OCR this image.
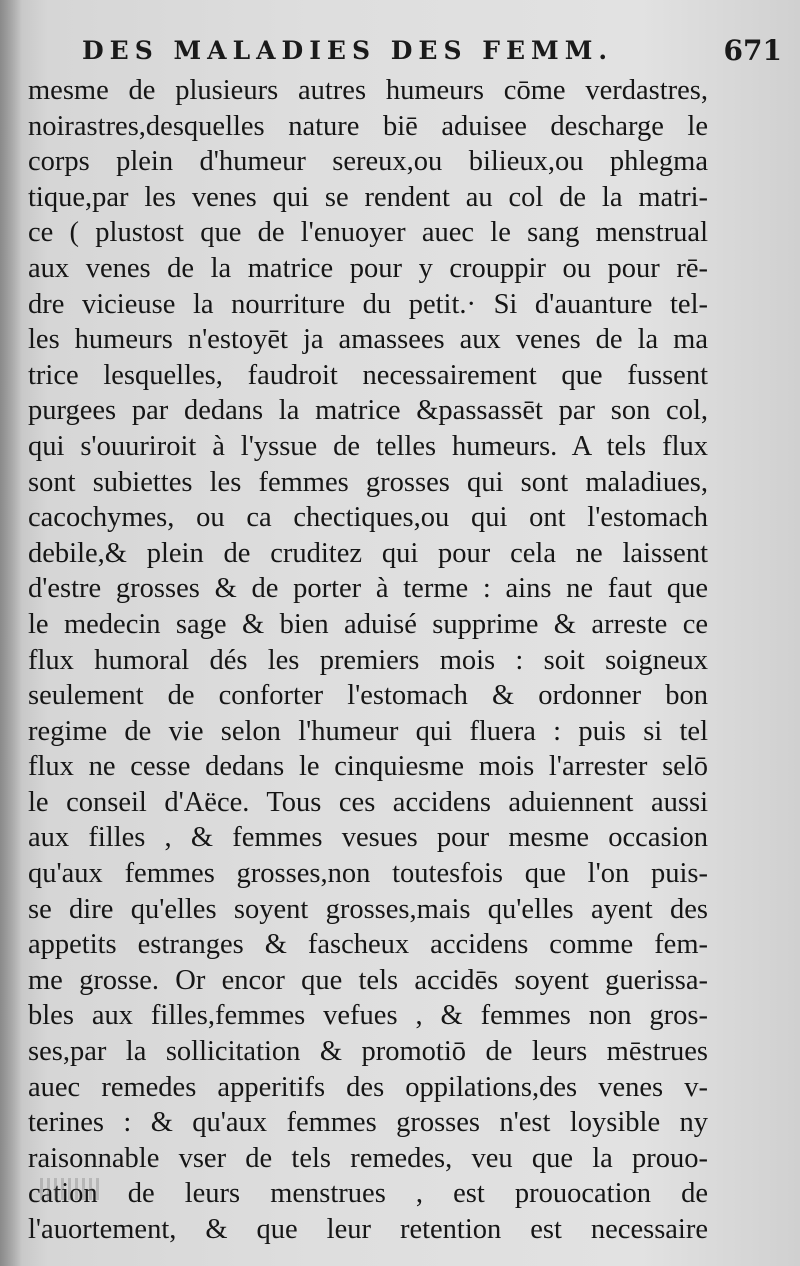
DES MALADIES DES FEMM.	671
mesme de plusieurs autres humeurs cōme verdastres,
noirastres,desquelles nature biē aduisee descharge le
corps plein d'humeur sereux,ou bilieux,ou phlegma
tique,par les venes qui se rendent au col de la matri-
ce ( plustost que de l'enuoyer auec le sang menstrual
aux venes de la matrice pour y crouppir ou pour rē-
dre vicieuse la nourriture du petit.· Si d'auanture tel-
les humeurs n'estoyēt ja amassees aux venes de la ma
trice lesquelles, faudroit necessairement que fussent
purgees par dedans la matrice &passassēt par son col,
qui s'ouuriroit à l'yssue de telles humeurs. A tels flux
sont subiettes les femmes grosses qui sont maladiues,
cacochymes, ou ca chectiques,ou qui ont l'estomach
debile,& plein de cruditez qui pour cela ne laissent
d'estre grosses & de porter à terme : ains ne faut que
le medecin sage & bien aduisé supprime & arreste ce
flux humoral dés les premiers mois : soit soigneux
seulement de conforter l'estomach & ordonner bon
regime de vie selon l'humeur qui fluera : puis si tel
flux ne cesse dedans le cinquiesme mois l'arrester selō
le conseil d'Aëce. Tous ces accidens aduiennent aussi
aux filles , & femmes vesues pour mesme occasion
qu'aux femmes grosses,non toutesfois que l'on puis-
se dire qu'elles soyent grosses,mais qu'elles ayent des
appetits estranges & fascheux accidens comme fem-
me grosse. Or encor que tels accidēs soyent guerissa-
bles aux filles,femmes vefues , & femmes non gros-
ses,par la sollicitation & promotiō de leurs mēstrues
auec remedes apperitifs des oppilations,des venes v-
terines : & qu'aux femmes grosses n'est loysible ny
raisonnable vser de tels remedes, veu que la prouo-
cation de leurs menstrues , est prouocation de
l'auortement, & que leur retention est necessaire
